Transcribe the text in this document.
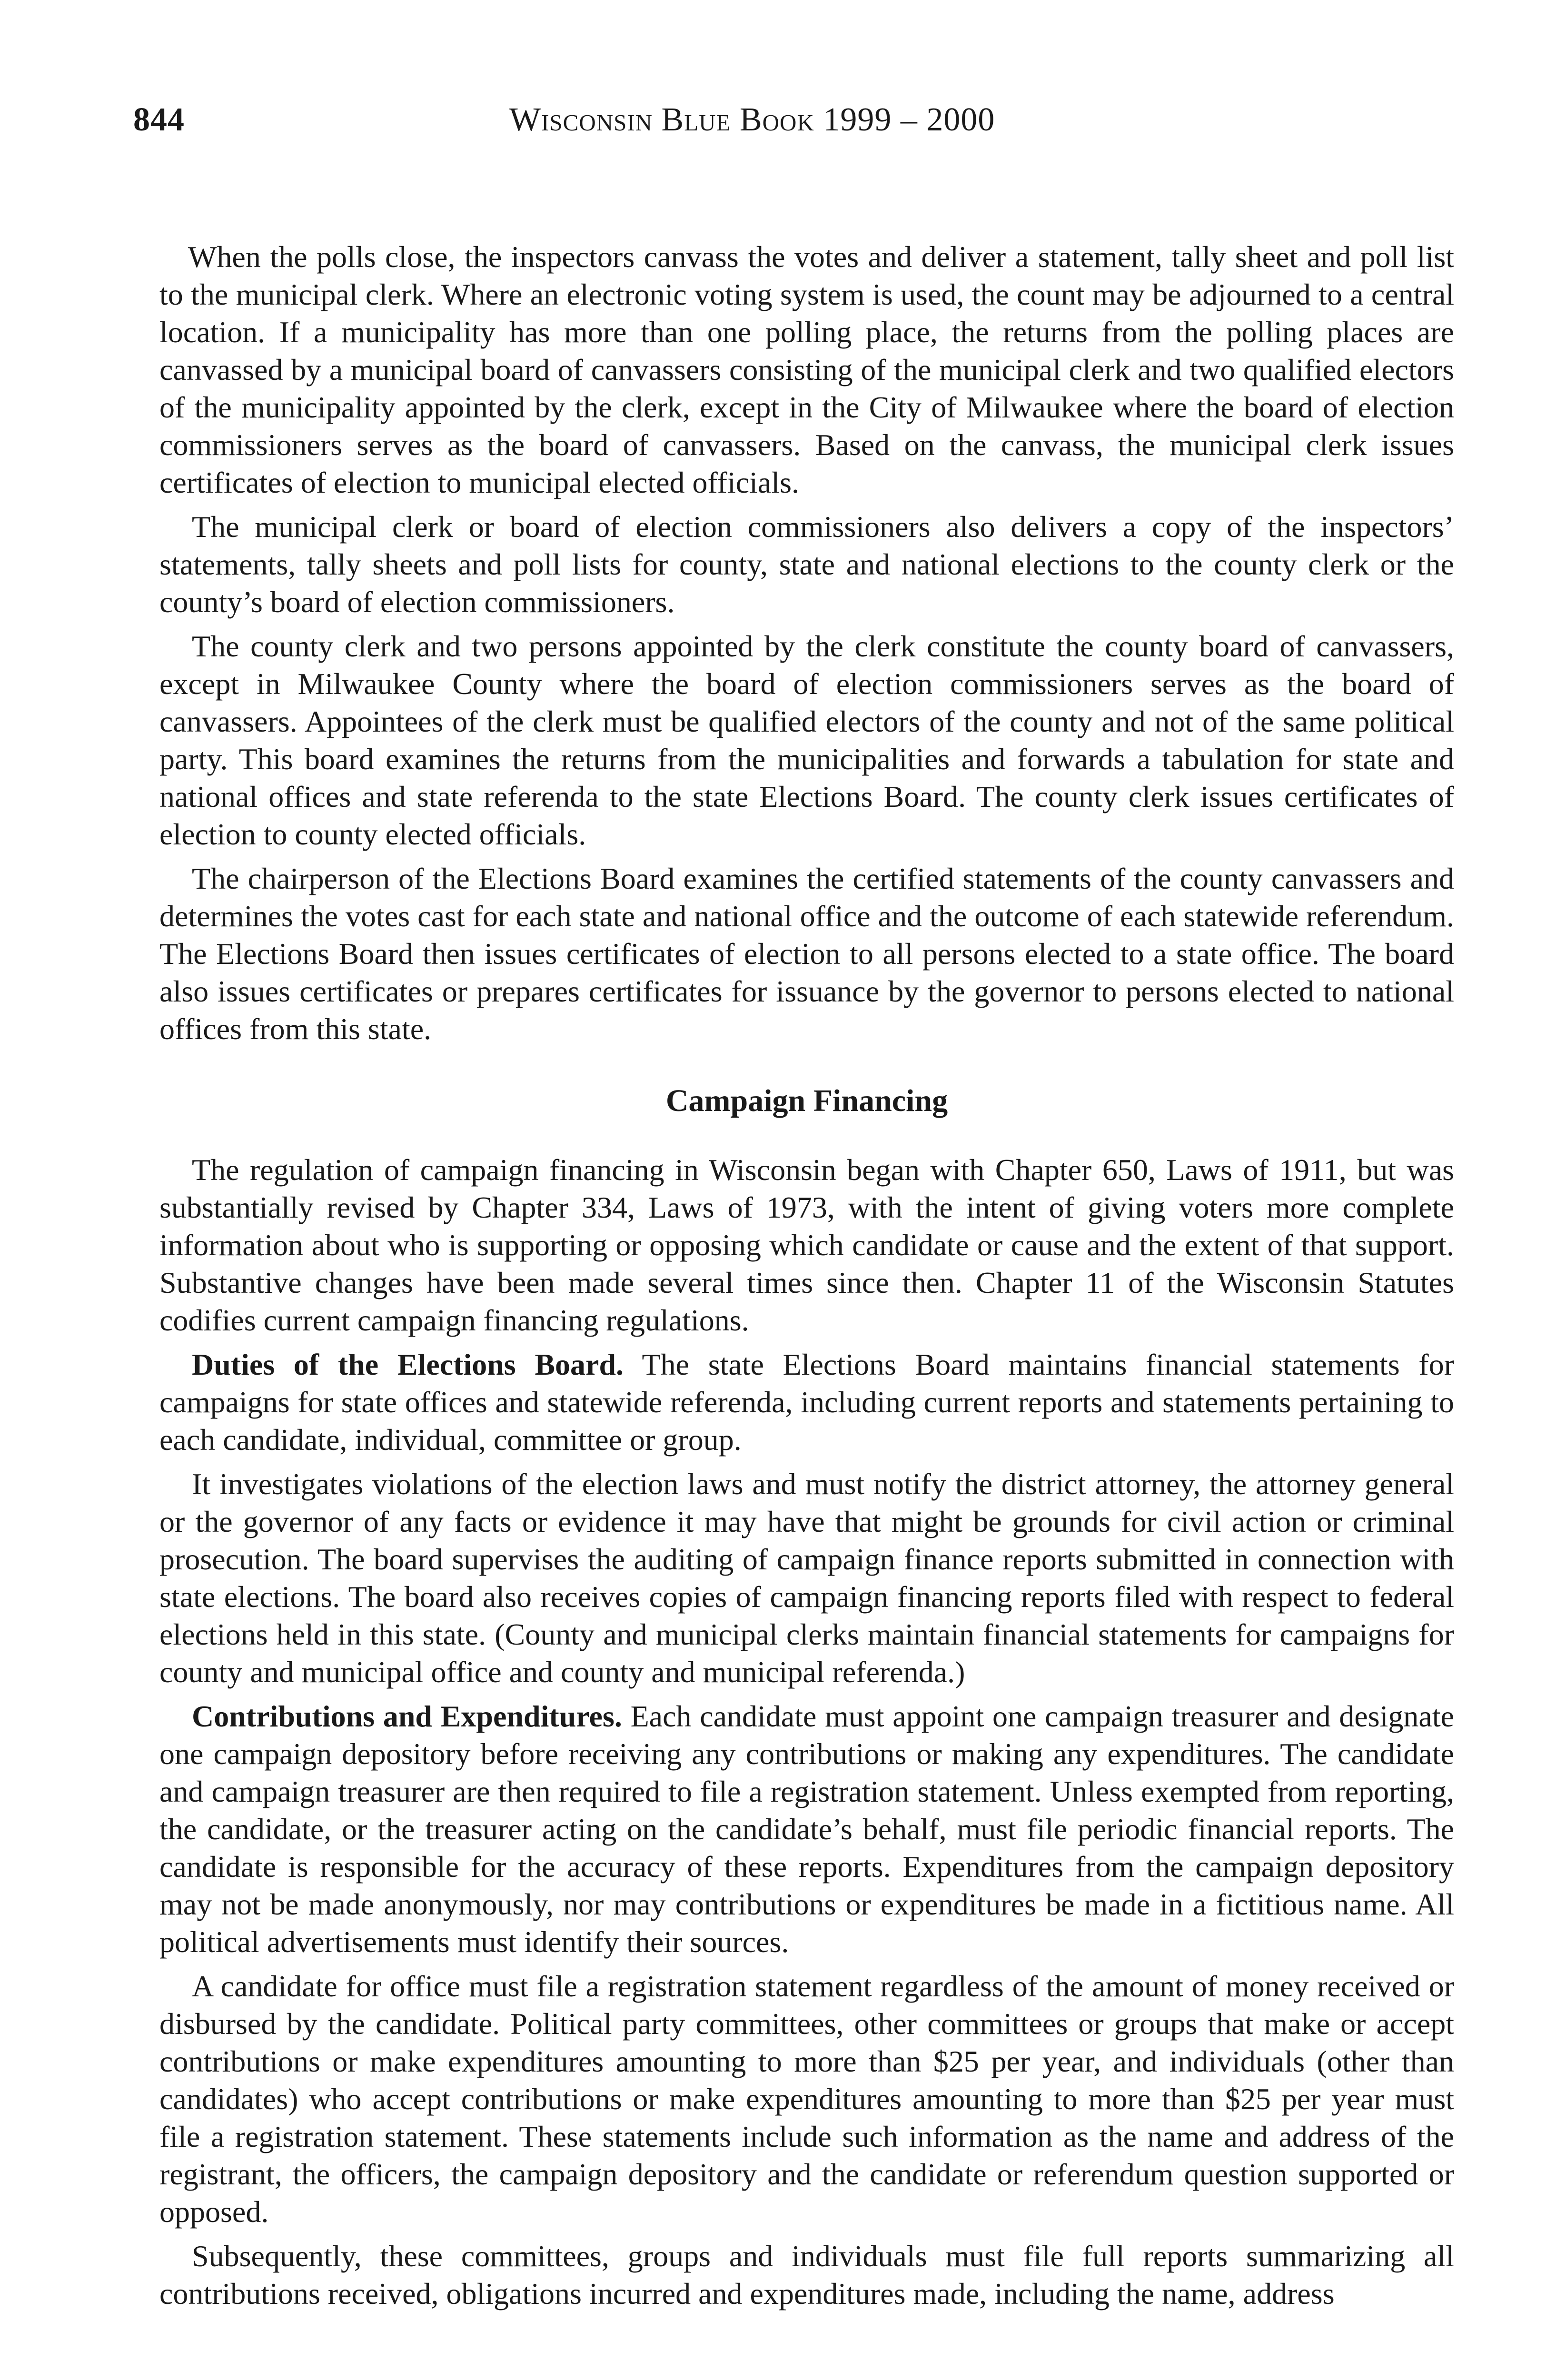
844	Wisconsin Blue Book 1999 – 2000

When the polls close, the inspectors canvass the votes and deliver a statement, tally sheet and poll list to the municipal clerk. Where an electronic voting system is used, the count may be adjourned to a central location. If a municipality has more than one polling place, the returns from the polling places are canvassed by a municipal board of canvassers consisting of the municipal clerk and two qualified electors of the municipality appointed by the clerk, except in the City of Milwaukee where the board of election commissioners serves as the board of canvassers. Based on the canvass, the municipal clerk issues certificates of election to municipal elected officials.

The municipal clerk or board of election commissioners also delivers a copy of the inspectors’ statements, tally sheets and poll lists for county, state and national elections to the county clerk or the county’s board of election commissioners.

The county clerk and two persons appointed by the clerk constitute the county board of canvassers, except in Milwaukee County where the board of election commissioners serves as the board of canvassers. Appointees of the clerk must be qualified electors of the county and not of the same political party. This board examines the returns from the municipalities and forwards a tabulation for state and national offices and state referenda to the state Elections Board. The county clerk issues certificates of election to county elected officials.

The chairperson of the Elections Board examines the certified statements of the county canvassers and determines the votes cast for each state and national office and the outcome of each statewide referendum. The Elections Board then issues certificates of election to all persons elected to a state office. The board also issues certificates or prepares certificates for issuance by the governor to persons elected to national offices from this state.

Campaign Financing

The regulation of campaign financing in Wisconsin began with Chapter 650, Laws of 1911, but was substantially revised by Chapter 334, Laws of 1973, with the intent of giving voters more complete information about who is supporting or opposing which candidate or cause and the extent of that support. Substantive changes have been made several times since then. Chapter 11 of the Wisconsin Statutes codifies current campaign financing regulations.

Duties of the Elections Board. The state Elections Board maintains financial statements for campaigns for state offices and statewide referenda, including current reports and statements pertaining to each candidate, individual, committee or group.

It investigates violations of the election laws and must notify the district attorney, the attorney general or the governor of any facts or evidence it may have that might be grounds for civil action or criminal prosecution. The board supervises the auditing of campaign finance reports submitted in connection with state elections. The board also receives copies of campaign financing reports filed with respect to federal elections held in this state. (County and municipal clerks maintain financial statements for campaigns for county and municipal office and county and municipal referenda.)

Contributions and Expenditures. Each candidate must appoint one campaign treasurer and designate one campaign depository before receiving any contributions or making any expenditures. The candidate and campaign treasurer are then required to file a registration statement. Unless exempted from reporting, the candidate, or the treasurer acting on the candidate’s behalf, must file periodic financial reports. The candidate is responsible for the accuracy of these reports. Expenditures from the campaign depository may not be made anonymously, nor may contributions or expenditures be made in a fictitious name. All political advertisements must identify their sources.

A candidate for office must file a registration statement regardless of the amount of money received or disbursed by the candidate. Political party committees, other committees or groups that make or accept contributions or make expenditures amounting to more than $25 per year, and individuals (other than candidates) who accept contributions or make expenditures amounting to more than $25 per year must file a registration statement. These statements include such information as the name and address of the registrant, the officers, the campaign depository and the candidate or referendum question supported or opposed.

Subsequently, these committees, groups and individuals must file full reports summarizing all contributions received, obligations incurred and expenditures made, including the name, address
